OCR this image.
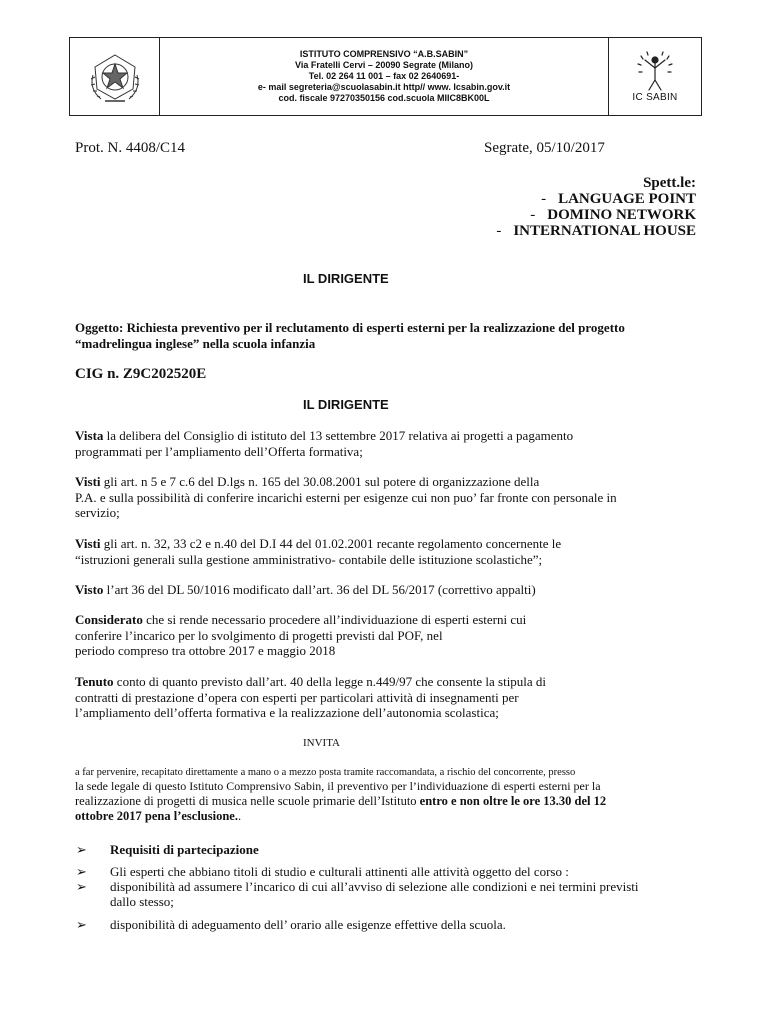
ISTITUTO COMPRENSIVO “A.B.SABIN”
Via Fratelli Cervi – 20090 Segrate (Milano)
Tel. 02 264 11 001 – fax 02 2640691-
e- mail segreteria@scuolasabin.it http// www. Icsabin.gov.it
cod. fiscale 97270350156 cod.scuola MIIC8BK00L	IC SABIN
Prot. N. 4408/C14	Segrate, 05/10/2017
Spett.le:
- LANGUAGE POINT
- DOMINO NETWORK
- INTERNATIONAL HOUSE
IL DIRIGENTE
Oggetto: Richiesta preventivo per il reclutamento di esperti esterni per la realizzazione del progetto
“madrelingua inglese” nella scuola infanzia
CIG n. Z9C202520E
IL DIRIGENTE
Vista la delibera del Consiglio di istituto del 13 settembre 2017 relativa ai progetti a pagamento
programmati per l’ampliamento dell’Offerta formativa;
Visti gli art. n 5 e 7 c.6 del D.lgs n. 165 del 30.08.2001 sul potere di organizzazione della
P.A. e sulla possibilità di conferire incarichi esterni per esigenze cui non puo’ far fronte con personale in
servizio;
Visti gli art. n. 32, 33 c2 e n.40 del D.I 44 del 01.02.2001 recante regolamento concernente le
“istruzioni generali sulla gestione amministrativo- contabile delle istituzione scolastiche”;
Visto l’art 36 del DL 50/1016 modificato dall’art. 36 del DL 56/2017 (correttivo appalti)
Considerato che si rende necessario procedere all’individuazione di esperti esterni cui
conferire l’incarico per lo svolgimento di progetti previsti dal POF, nel
periodo compreso tra ottobre 2017 e maggio 2018
Tenuto conto di quanto previsto dall’art. 40 della legge n.449/97 che consente la stipula di
contratti di prestazione d’opera con esperti per particolari attività di insegnamenti per
l’ampliamento dell’offerta formativa e la realizzazione dell’autonomia scolastica;
INVITA
a far pervenire, recapitato direttamente a mano o a mezzo posta tramite raccomandata, a rischio del concorrente, presso
la sede legale di questo Istituto Comprensivo Sabin, il preventivo per l’individuazione di esperti esterni per la
realizzazione di progetti di musica nelle scuole primarie dell’Istituto entro e non oltre le ore 13.30 del 12
ottobre 2017 pena l’esclusione..
➢ Requisiti di partecipazione
➢ Gli esperti che abbiano titoli di studio e culturali attinenti alle attività oggetto del corso :
➢ disponibilità ad assumere l’incarico di cui all’avviso di selezione alle condizioni e nei termini previsti
dallo stesso;
➢ disponibilità di adeguamento dell’ orario alle esigenze effettive della scuola.
